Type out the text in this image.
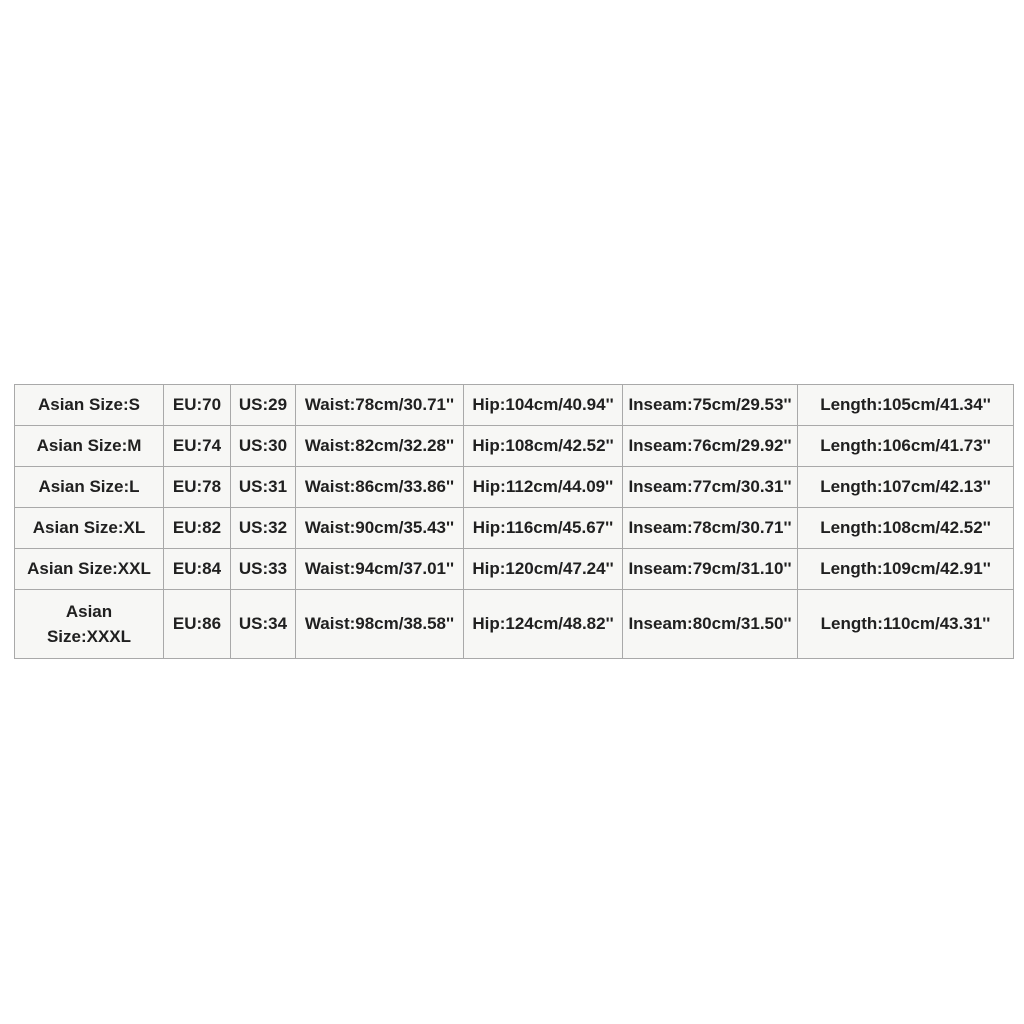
Asian Size:S	EU:70	US:29	Waist:78cm/30.71''	Hip:104cm/40.94''	Inseam:75cm/29.53''	Length:105cm/41.34''
Asian Size:M	EU:74	US:30	Waist:82cm/32.28''	Hip:108cm/42.52''	Inseam:76cm/29.92''	Length:106cm/41.73''
Asian Size:L	EU:78	US:31	Waist:86cm/33.86''	Hip:112cm/44.09''	Inseam:77cm/30.31''	Length:107cm/42.13''
Asian Size:XL	EU:82	US:32	Waist:90cm/35.43''	Hip:116cm/45.67''	Inseam:78cm/30.71''	Length:108cm/42.52''
Asian Size:XXL	EU:84	US:33	Waist:94cm/37.01''	Hip:120cm/47.24''	Inseam:79cm/31.10''	Length:109cm/42.91''
Asian Size:XXXL	EU:86	US:34	Waist:98cm/38.58''	Hip:124cm/48.82''	Inseam:80cm/31.50''	Length:110cm/43.31''
